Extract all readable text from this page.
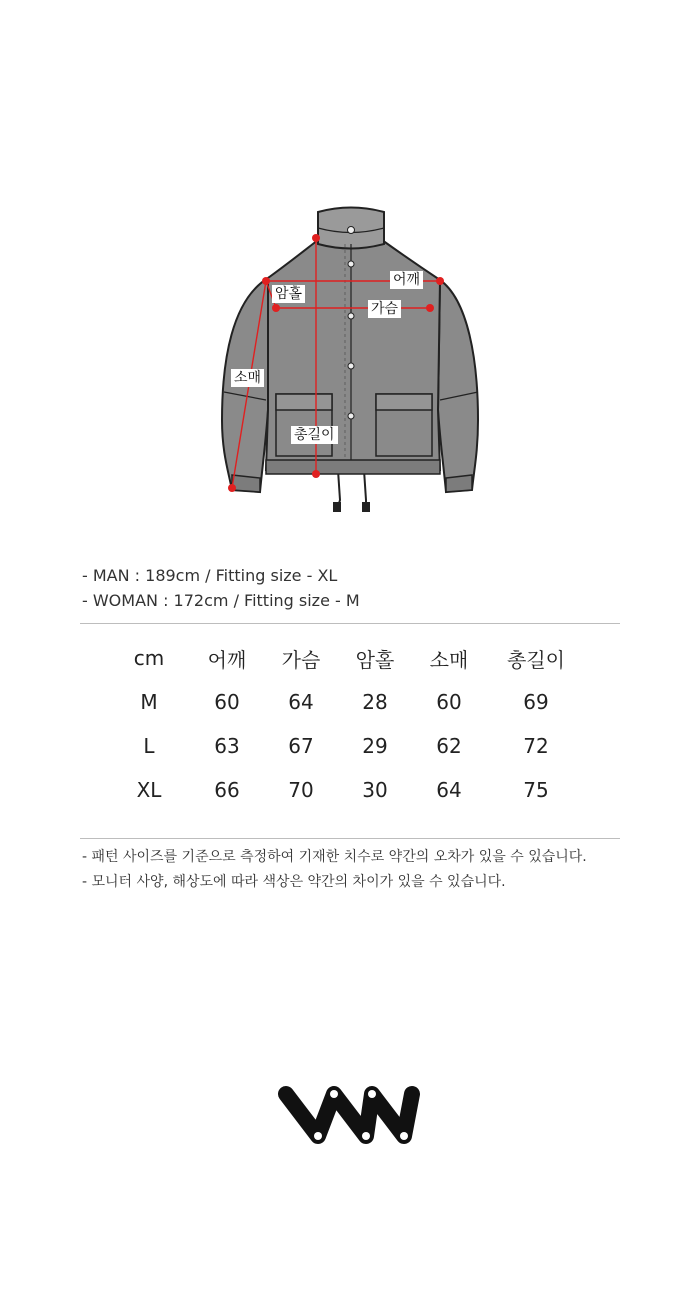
어깨
가슴
암홀
소매
총길이
- MAN : 189cm / Fitting size - XL
- WOMAN : 172cm / Fitting size - M
cm	어깨	가슴	암홀	소매	총길이
M	60	64	28	60	69
L	63	67	29	62	72
XL	66	70	30	64	75
- 패턴 사이즈를 기준으로 측정하여 기재한 치수로 약간의 오차가 있을 수 있습니다.
- 모니터 사양, 해상도에 따라 색상은 약간의 차이가 있을 수 있습니다.
